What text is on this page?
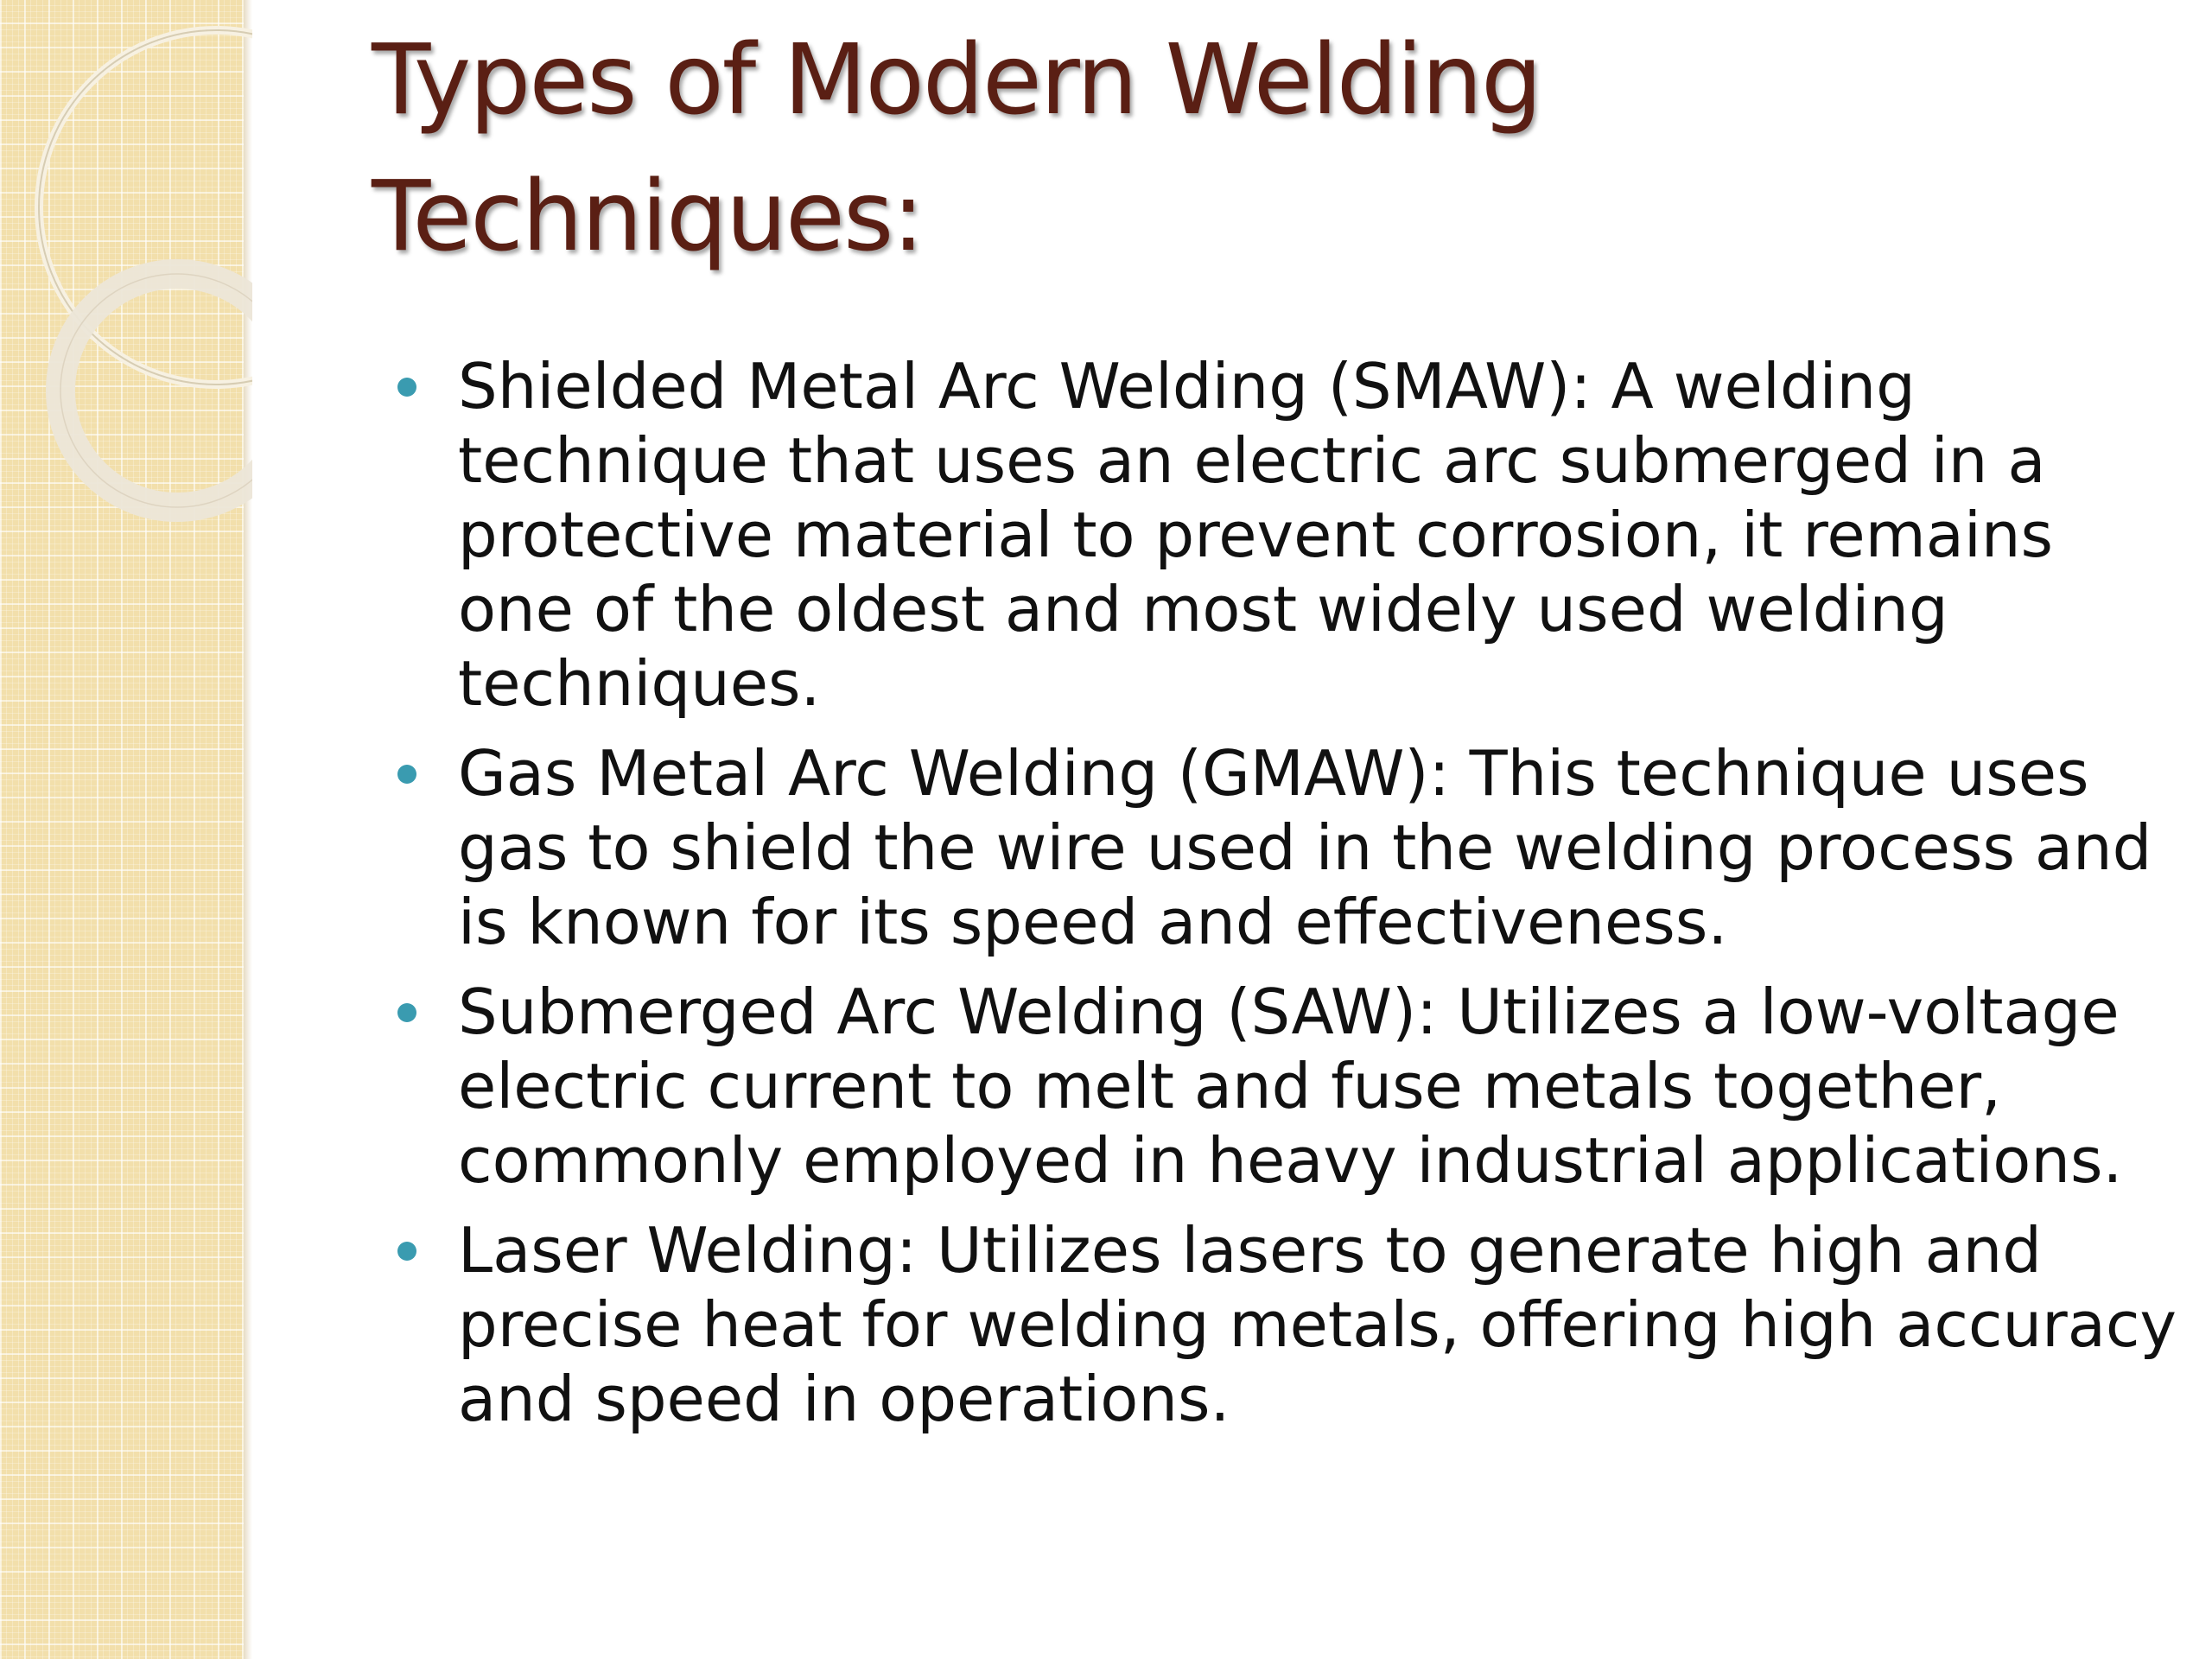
Types of Modern Welding Techniques:
Shielded Metal Arc Welding (SMAW): A welding technique that uses an electric arc submerged in a protective material to prevent corrosion, it remains one of the oldest and most widely used welding techniques.
Gas Metal Arc Welding (GMAW): This technique uses gas to shield the wire used in the welding process and is known for its speed and effectiveness.
Submerged Arc Welding (SAW): Utilizes a low-voltage electric current to melt and fuse metals together, commonly employed in heavy industrial applications.
Laser Welding: Utilizes lasers to generate high and precise heat for welding metals, offering high accuracy and speed in operations.
